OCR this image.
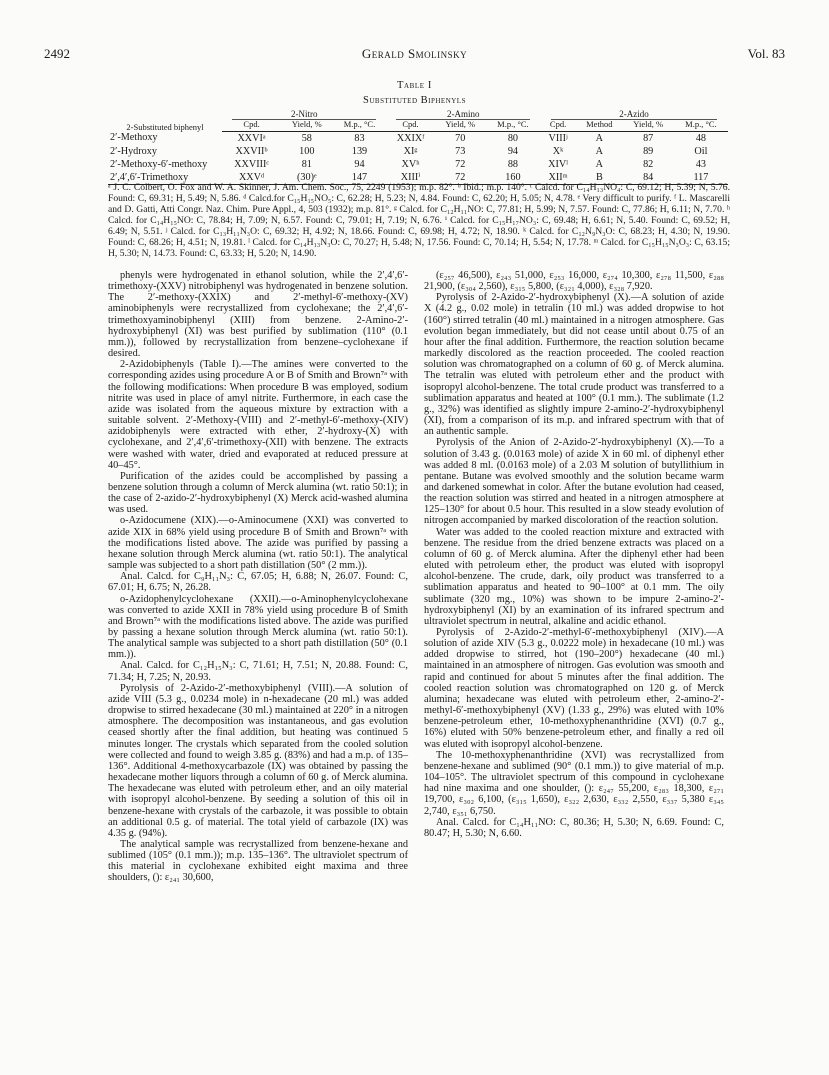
2492	Gerald Smolinsky	Vol. 83
Table I
Substituted Biphenyls
2-Substituted biphenyl	2-Nitro			2-Amino			2-Azido			
	Cpd.	Yield, %	M.p., °C.	Cpd.	Yield, %	M.p., °C.	Cpd.	Method	Yield, %	M.p., °C.
2′-Methoxy	XXVIᵃ	58	83	XXIXᶠ	70	80	VIIIʲ	A	87	48
2′-Hydroxy	XXVIIᵇ	100	139	XIᵍ	73	94	Xᵏ	A	89	Oil
2′-Methoxy-6′-methoxy	XXVIIIᶜ	81	94	XVʰ	72	88	XIVˡ	A	82	43
2′,4′,6′-Trimethoxy	XXVᵈ	(30)ᵉ	147	XIIIⁱ	72	160	XIIᵐ	B	84	117
ᵃ J. C. Colbert, O. Fox and W. A. Skinner, J. Am. Chem. Soc., 75, 2249 (1953); m.p. 82°. ᵇ Ibid.; m.p. 140°. ᶜ Calcd. for C₁₄H₁₃NO₄: C, 69.12; H, 5.39; N, 5.76. Found: C, 69.31; H, 5.49; N, 5.86. ᵈ Calcd.for C₁₅H₁₅NO₅: C, 62.28; H, 5.23; N, 4.84. Found: C, 62.20; H, 5.05; N, 4.78. ᵉ Very difficult to purify. ᶠ L. Mascarelli and D. Gatti, Atti Congr. Naz. Chim. Pure Appl., 4, 503 (1932); m.p. 81°. ᵍ Calcd. for C₁₂H₁₁NO: C, 77.81; H, 5.99; N, 7.57. Found: C, 77.86; H, 6.11; N, 7.70. ʰ Calcd. for C₁₄H₁₅NO: C, 78.84; H, 7.09; N, 6.57. Found: C, 79.01; H, 7.19; N, 6.76. ⁱ Calcd. for C₁₅H₁₇NO₃: C, 69.48; H, 6.61; N, 5.40. Found: C, 69.52; H, 6.49; N, 5.51. ʲ Calcd. for C₁₃H₁₁N₃O: C, 69.32; H, 4.92; N, 18.66. Found: C, 69.98; H, 4.72; N, 18.90. ᵏ Calcd. for C₁₂N₉N₃O: C, 68.23; H, 4.30; N, 19.90. Found: C, 68.26; H, 4.51; N, 19.81. ˡ Calcd. for C₁₄H₁₃N₃O: C, 70.27; H, 5.48; N, 17.56. Found: C, 70.14; H, 5.54; N, 17.78. ᵐ Calcd. for C₁₅H₁₅N₃O₃: C, 63.15; H, 5.30; N, 14.73. Found: C, 63.33; H, 5.20; N, 14.90.

phenyls were hydrogenated in ethanol solution, while the 2′,4′,6′-trimethoxy-(XXV) nitrobiphenyl was hydrogenated in benzene solution. The 2′-methoxy-(XXIX) and 2′-methyl-6′-methoxy-(XV) aminobiphenyls were recrystallized from cyclohexane; the 2′,4′,6′-trimethoxyaminobiphenyl (XIII) from benzene. 2-Amino-2′-hydroxybiphenyl (XI) was best purified by sublimation (110° (0.1 mm.)), followed by recrystallization from benzene–cyclohexane if desired.

2-Azidobiphenyls (Table I).—The amines were converted to the corresponding azides using procedure A or B of Smith and Brown⁷ᵃ with the following modifications: When procedure B was employed, sodium nitrite was used in place of amyl nitrite. Furthermore, in each case the azide was isolated from the aqueous mixture by extraction with a suitable solvent. 2′-Methoxy-(VIII) and 2′-methyl-6′-methoxy-(XIV) azidobiphenyls were extracted with ether, 2′-hydroxy-(X) with cyclohexane, and 2′,4′,6′-trimethoxy-(XII) with benzene. The extracts were washed with water, dried and evaporated at reduced pressure at 40–45°.

Purification of the azides could be accomplished by passing a benzene solution through a column of Merck alumina (wt. ratio 50:1); in the case of 2-azido-2′-hydroxybiphenyl (X) Merck acid-washed alumina was used.

o-Azidocumene (XIX).—o-Aminocumene (XXI) was converted to azide XIX in 68% yield using procedure B of Smith and Brown⁷ᵃ with the modifications listed above. The azide was purified by passing a hexane solution through Merck alumina (wt. ratio 50:1). The analytical sample was subjected to a short path distillation (50° (2 mm.)).

Anal. Calcd. for C₉H₁₁N₃: C, 67.05; H, 6.88; N, 26.07. Found: C, 67.01; H, 6.75; N, 26.28.

o-Azidophenylcyclohexane (XXII).—o-Aminophenylcyclohexane was converted to azide XXII in 78% yield using procedure B of Smith and Brown⁷ᵃ with the modifications listed above. The azide was purified by passing a hexane solution through Merck alumina (wt. ratio 50:1). The analytical sample was subjected to a short path distillation (50° (0.1 mm.)).

Anal. Calcd. for C₁₂H₁₅N₃: C, 71.61; H, 7.51; N, 20.88. Found: C, 71.34; H, 7.25; N, 20.93.

Pyrolysis of 2-Azido-2′-methoxybiphenyl (VIII).—A solution of azide VIII (5.3 g., 0.0234 mole) in n-hexadecane (20 ml.) was added dropwise to stirred hexadecane (30 ml.) maintained at 220° in a nitrogen atmosphere. The decomposition was instantaneous, and gas evolution ceased shortly after the final addition, but heating was continued 5 minutes longer. The crystals which separated from the cooled solution were collected and found to weigh 3.85 g. (83%) and had a m.p. of 135–136°. Additional 4-methoxycarbazole (IX) was obtained by passing the hexadecane mother liquors through a column of 60 g. of Merck alumina. The hexadecane was eluted with petroleum ether, and an oily material with isopropyl alcohol-benzene. By seeding a solution of this oil in benzene-hexane with crystals of the carbazole, it was possible to obtain an additional 0.5 g. of material. The total yield of carbazole (IX) was 4.35 g. (94%).

The analytical sample was recrystallized from benzene-hexane and sublimed (105° (0.1 mm.)); m.p. 135–136°. The ultraviolet spectrum of this material in cyclohexane exhibited eight maxima and three shoulders, (): ε₂₄₁ 30,600,

(ε₂₅₇ 46,500), ε₂₄₃ 51,000, ε₂₅₃ 16,000, ε₂₇₄ 10,300, ε₂₇₈ 11,500, ε₂₈₈ 21,900, (ε₃₀₄ 2,560), ε₃₁₅ 5,800, (ε₃₂₁ 4,000), ε₃₂₈ 7,920.

Pyrolysis of 2-Azido-2′-hydroxybiphenyl (X).—A solution of azide X (4.2 g., 0.02 mole) in tetralin (10 ml.) was added dropwise to hot (160°) stirred tetralin (40 ml.) maintained in a nitrogen atmosphere. Gas evolution began immediately, but did not cease until about 0.75 of an hour after the final addition. Furthermore, the reaction solution became markedly discolored as the reaction proceeded. The cooled reaction solution was chromatographed on a column of 60 g. of Merck alumina. The tetralin was eluted with petroleum ether and the product with isopropyl alcohol-benzene. The total crude product was transferred to a sublimation apparatus and heated at 100° (0.1 mm.). The sublimate (1.2 g., 32%) was identified as slightly impure 2-amino-2′-hydroxybiphenyl (XI), from a comparison of its m.p. and infrared spectrum with that of an authentic sample.

Pyrolysis of the Anion of 2-Azido-2′-hydroxybiphenyl (X).—To a solution of 3.43 g. (0.0163 mole) of azide X in 60 ml. of diphenyl ether was added 8 ml. (0.0163 mole) of a 2.03 M solution of butyllithium in pentane. Butane was evolved smoothly and the solution became warm and darkened somewhat in color. After the butane evolution had ceased, the reaction solution was stirred and heated in a nitrogen atmosphere at 125–130° for about 0.5 hour. This resulted in a slow steady evolution of nitrogen accompanied by marked discoloration of the reaction solution.

Water was added to the cooled reaction mixture and extracted with benzene. The residue from the dried benzene extracts was placed on a column of 60 g. of Merck alumina. After the diphenyl ether had been eluted with petroleum ether, the product was eluted with isopropyl alcohol-benzene. The crude, dark, oily product was transferred to a sublimation apparatus and heated to 90–100° at 0.1 mm. The oily sublimate (320 mg., 10%) was shown to be impure 2-amino-2′-hydroxybiphenyl (XI) by an examination of its infrared spectrum and ultraviolet spectrum in neutral, alkaline and acidic ethanol.

Pyrolysis of 2-Azido-2′-methyl-6′-methoxybiphenyl (XIV).—A solution of azide XIV (5.3 g., 0.0222 mole) in hexadecane (10 ml.) was added dropwise to stirred, hot (190–200°) hexadecane (40 ml.) maintained in an atmosphere of nitrogen. Gas evolution was smooth and rapid and continued for about 5 minutes after the final addition. The cooled reaction solution was chromatographed on 120 g. of Merck alumina; hexadecane was eluted with petroleum ether, 2-amino-2′-methyl-6′-methoxybiphenyl (XV) (1.33 g., 29%) was eluted with 10% benzene-petroleum ether, 10-methoxyphenanthridine (XVI) (0.7 g., 16%) eluted with 50% benzene-petroleum ether, and finally a red oil was eluted with isopropyl alcohol-benzene.

The 10-methoxyphenanthridine (XVI) was recrystallized from benzene-hexane and sublimed (90° (0.1 mm.)) to give material of m.p. 104–105°. The ultraviolet spectrum of this compound in cyclohexane had nine maxima and one shoulder, (): ε₂₄₇ 55,200, ε₂₈₃ 18,300, ε₂₇₁ 19,700, ε₃₀₂ 6,100, (ε₃₁₅ 1,650), ε₃₂₂ 2,630, ε₃₃₂ 2,550, ε₃₃₇ 5,380 ε₃₄₅ 2,740, ε₃₅₁ 6,750.

Anal. Calcd. for C₁₄H₁₁NO: C, 80.36; H, 5.30; N, 6.69. Found: C, 80.47; H, 5.30; N, 6.60.
